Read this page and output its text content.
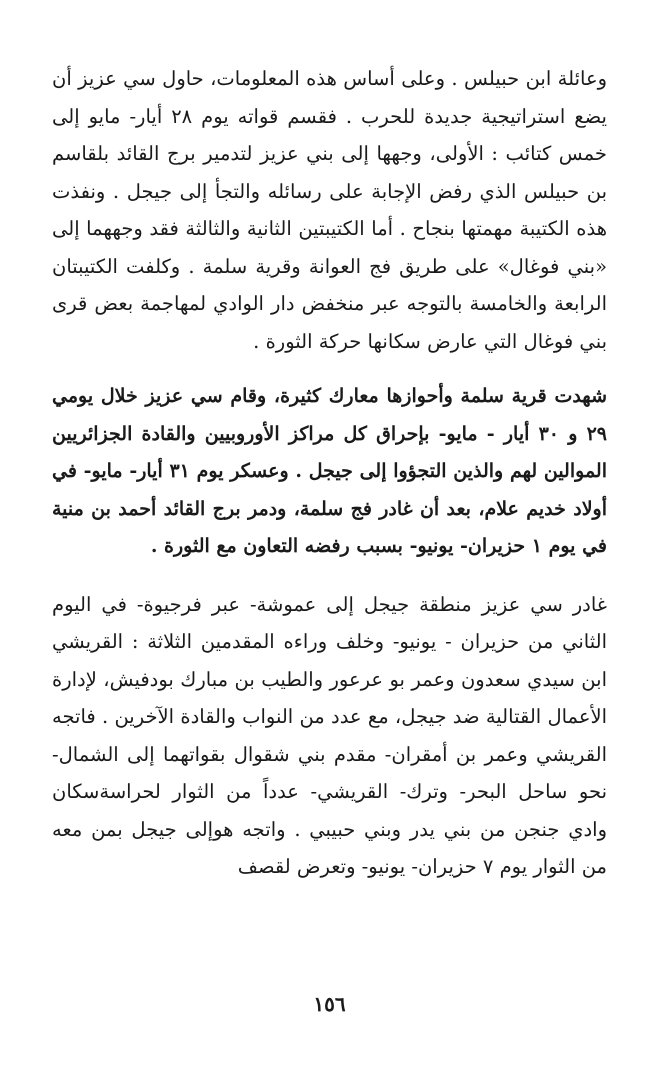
وعائلة ابن حبيلس . وعلى أساس هذه المعلومات، حاول سي عزيز أن يضع استراتيجية جديدة للحرب . فقسم قواته يوم ٢٨ أيار- مايو إلى خمس كتائب : الأولى، وجهها إلى بني عزيز لتدمير برج القائد بلقاسم بن حبيلس الذي رفض الإجابة على رسائله والتجأ إلى جيجل . ونفذت هذه الكتيبة مهمتها بنجاح . أما الكتيبتين الثانية والثالثة فقد وجههما إلى «بني فوغال» على طريق فج العوانة وقرية سلمة . وكلفت الكتيبتان الرابعة والخامسة بالتوجه عبر منخفض دار الوادي لمهاجمة بعض قرى بني فوغال التي عارض سكانها حركة الثورة .

شهدت قرية سلمة وأحوازها معارك كثيرة، وقام سي عزيز خلال يومي ٢٩ و ٣٠ أيار - مايو- بإحراق كل مراكز الأوروبيين والقادة الجزائريين الموالين لهم والذين التجؤوا إلى جيجل . وعسكر يوم ٣١ أيار- مايو- في أولاد خديم علام، بعد أن غادر فج سلمة، ودمر برج القائد أحمد بن منية في يوم ١ حزيران- يونيو- بسبب رفضه التعاون مع الثورة .

غادر سي عزيز منطقة جيجل إلى عموشة- عبر فرجيوة- في اليوم الثاني من حزيران - يونيو- وخلف وراءه المقدمين الثلاثة : القريشي ابن سيدي سعدون وعمر بو عرعور والطيب بن مبارك بودفيش، لإدارة الأعمال القتالية ضد جيجل، مع عدد من النواب والقادة الآخرين . فاتجه القريشي وعمر بن أمقران- مقدم بني شقوال بقواتهما إلى الشمال- نحو ساحل البحر- وترك- القريشي- عدداً من الثوار لحراسةسكان وادي جنجن من بني يدر وبني حبيبي . واتجه هوإلى جيجل بمن معه من الثوار يوم ٧ حزيران- يونيو- وتعرض لقصف

١٥٦
